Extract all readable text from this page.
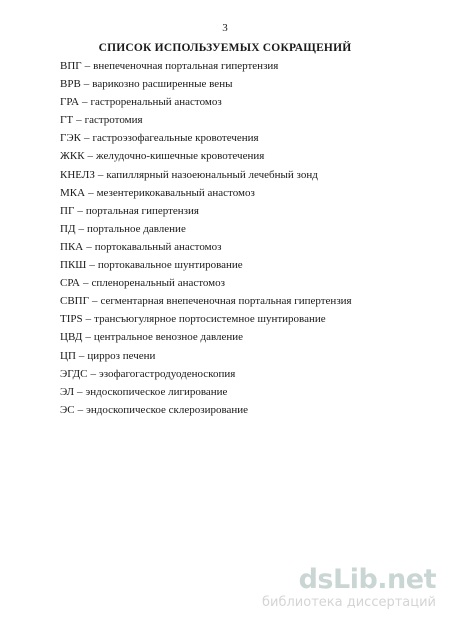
3
СПИСОК ИСПОЛЬЗУЕМЫХ СОКРАЩЕНИЙ
ВПГ – внепеченочная портальная гипертензия
ВРВ – варикозно расширенные вены
ГРА – гастроренальный анастомоз
ГТ – гастротомия
ГЭК – гастроэзофагеальные кровотечения
ЖКК – желудочно-кишечные кровотечения
КНЕЛЗ – капиллярный назоеюнальный лечебный зонд
МКА – мезентерикокавальный анастомоз
ПГ – портальная гипертензия
ПД – портальное давление
ПКА – портокавальный анастомоз
ПКШ – портокавальное шунтирование
СРА – спленоренальный анастомоз
СВПГ – сегментарная внепеченочная портальная гипертензия
TIPS – трансъюгулярное портосистемное шунтирование
ЦВД – центральное венозное давление
ЦП – цирроз печени
ЭГДС – эзофагогастродуоденоскопия
ЭЛ – эндоскопическое лигирование
ЭС – эндоскопическое склерозирование
dsLib.net
библиотека диссертаций
